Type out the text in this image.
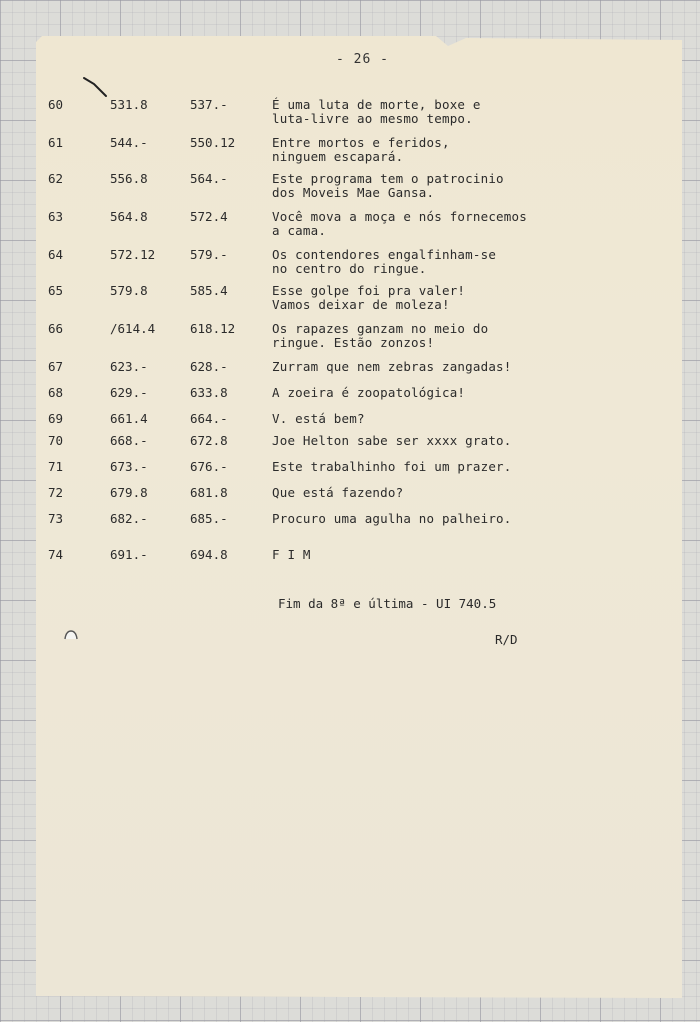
- 26 -
60	531.8	537.-	É uma luta de morte, boxe e
luta-livre ao mesmo tempo.
61	544.-	550.12	Entre mortos e feridos,
ninguem escapará.
62	556.8	564.-	Este programa tem o patrocinio
dos Moveis Mae Gansa.
63	564.8	572.4	Você mova a moça e nós fornecemos
a cama.
64	572.12	579.-	Os contendores engalfinham-se
no centro do ringue.
65	579.8	585.4	Esse golpe foi pra valer!
Vamos deixar de moleza!
66	/614.4	618.12	Os rapazes ganzam no meio do
ringue. Estão zonzos!
67	623.-	628.-	Zurram que nem zebras zangadas!
68	629.-	633.8	A zoeira é zoopatológica!
69	661.4	664.-	V. está bem?
70	668.-	672.8	Joe Helton sabe ser xxxx grato.
71	673.-	676.-	Este trabalhinho foi um prazer.
72	679.8	681.8	Que está fazendo?
73	682.-	685.-	Procuro uma agulha no palheiro.
74	691.-	694.8	F I M
Fim da 8ª e última - UI 740.5
R/D
